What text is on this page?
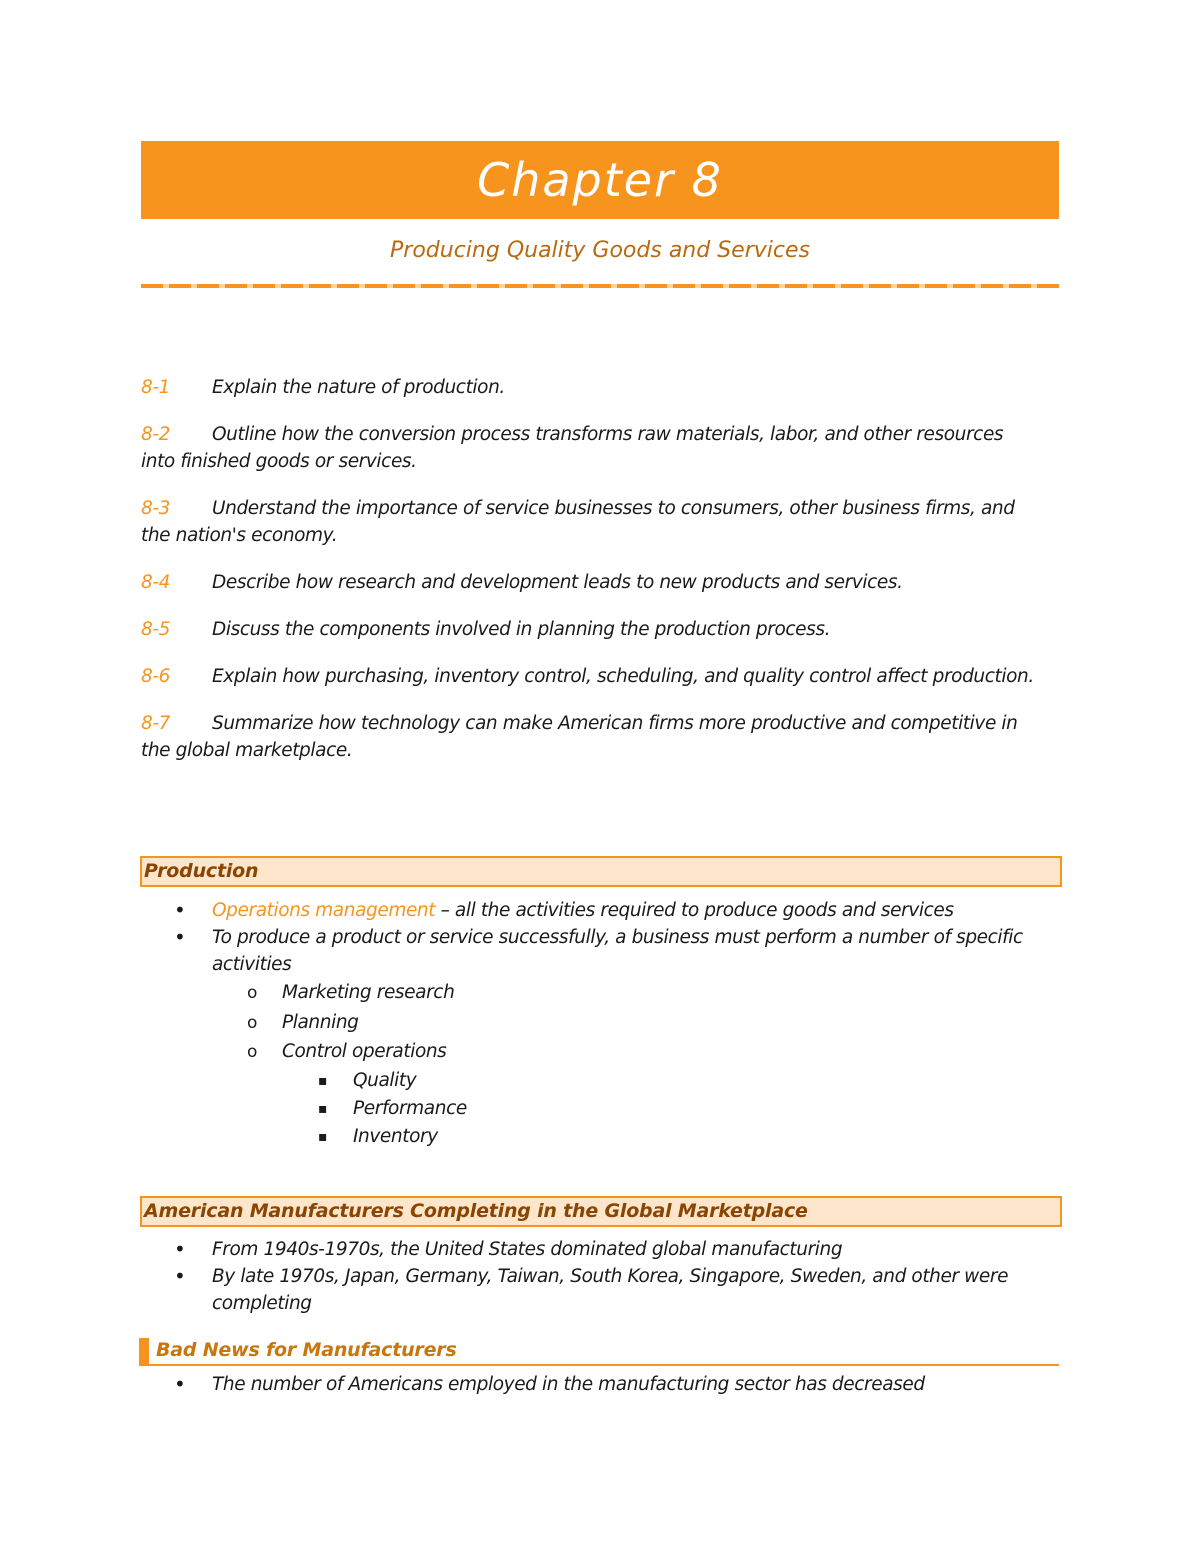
Chapter 8
Producing Quality Goods and Services
8-1 Explain the nature of production.
8-2 Outline how the conversion process transforms raw materials, labor, and other resources into finished goods or services.
8-3 Understand the importance of service businesses to consumers, other business firms, and the nation's economy.
8-4 Describe how research and development leads to new products and services.
8-5 Discuss the components involved in planning the production process.
8-6 Explain how purchasing, inventory control, scheduling, and quality control affect production.
8-7 Summarize how technology can make American firms more productive and competitive in the global marketplace.
Production
• Operations management – all the activities required to produce goods and services
• To produce a product or service successfully, a business must perform a number of specific activities
o Marketing research
o Planning
o Control operations
▪ Quality
▪ Performance
▪ Inventory
American Manufacturers Completing in the Global Marketplace
• From 1940s-1970s, the United States dominated global manufacturing
• By late 1970s, Japan, Germany, Taiwan, South Korea, Singapore, Sweden, and other were completing
Bad News for Manufacturers
• The number of Americans employed in the manufacturing sector has decreased
